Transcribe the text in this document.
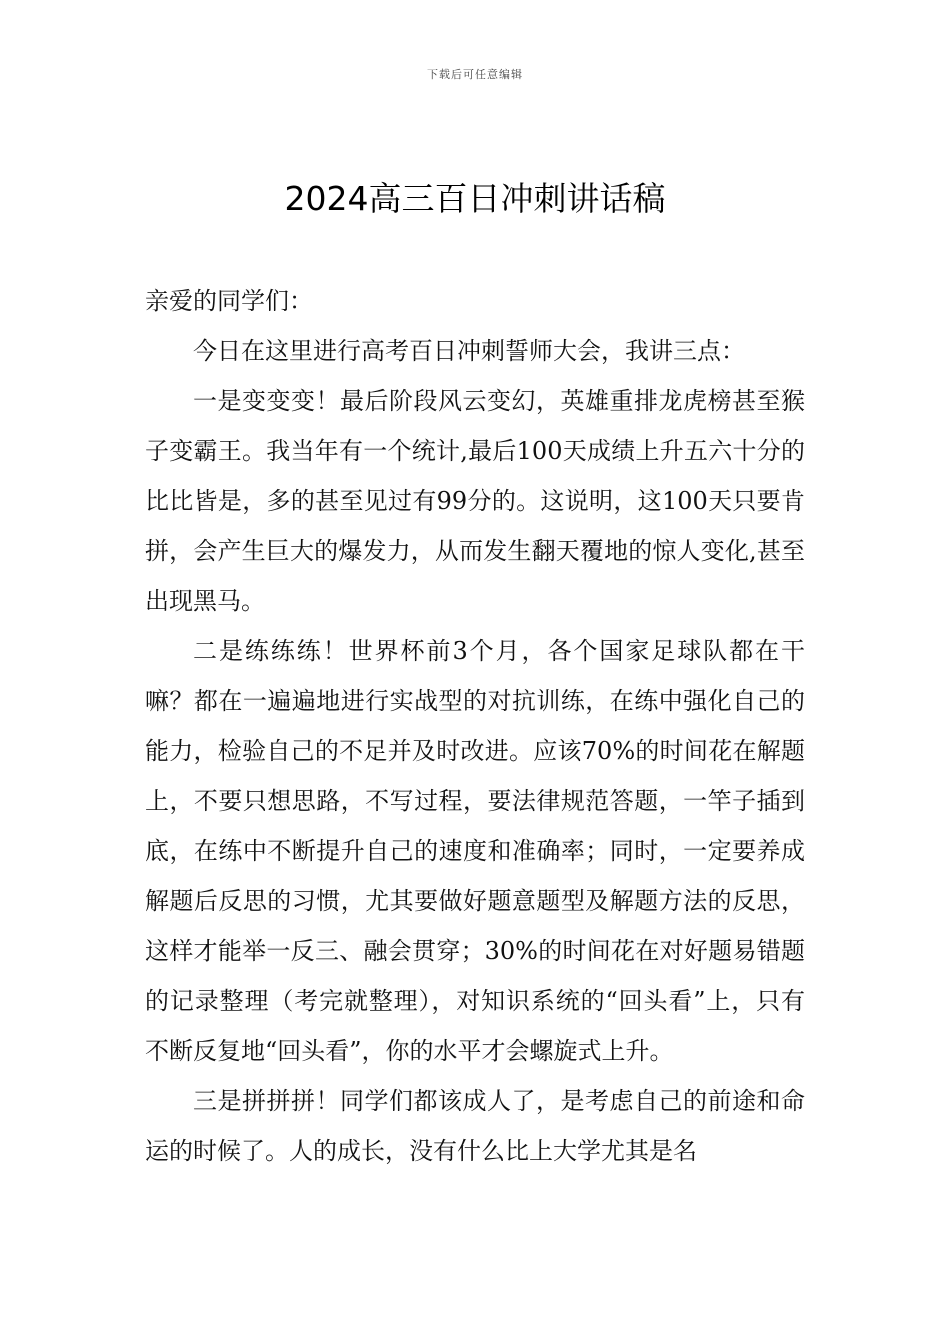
下载后可任意编辑
2024高三百日冲刺讲话稿

亲爱的同学们：

今日在这里进行高考百日冲刺誓师大会，我讲三点：

一是变变变！最后阶段风云变幻，英雄重排龙虎榜甚至猴子变霸王。我当年有一个统计,最后100天成绩上升五六十分的比比皆是，多的甚至见过有99分的。这说明，这100天只要肯拼，会产生巨大的爆发力，从而发生翻天覆地的惊人变化,甚至出现黑马。

二是练练练！世界杯前3个月，各个国家足球队都在干嘛？都在一遍遍地进行实战型的对抗训练，在练中强化自己的能力，检验自己的不足并及时改进。应该70%的时间花在解题上，不要只想思路，不写过程，要法律规范答题，一竿子插到底，在练中不断提升自己的速度和准确率；同时，一定要养成解题后反思的习惯，尤其要做好题意题型及解题方法的反思，这样才能举一反三、融会贯穿；30%的时间花在对好题易错题的记录整理（考完就整理），对知识系统的“回头看”上，只有不断反复地“回头看”，你的水平才会螺旋式上升。

三是拼拼拼！同学们都该成人了，是考虑自己的前途和命运的时候了。人的成长，没有什么比上大学尤其是名
